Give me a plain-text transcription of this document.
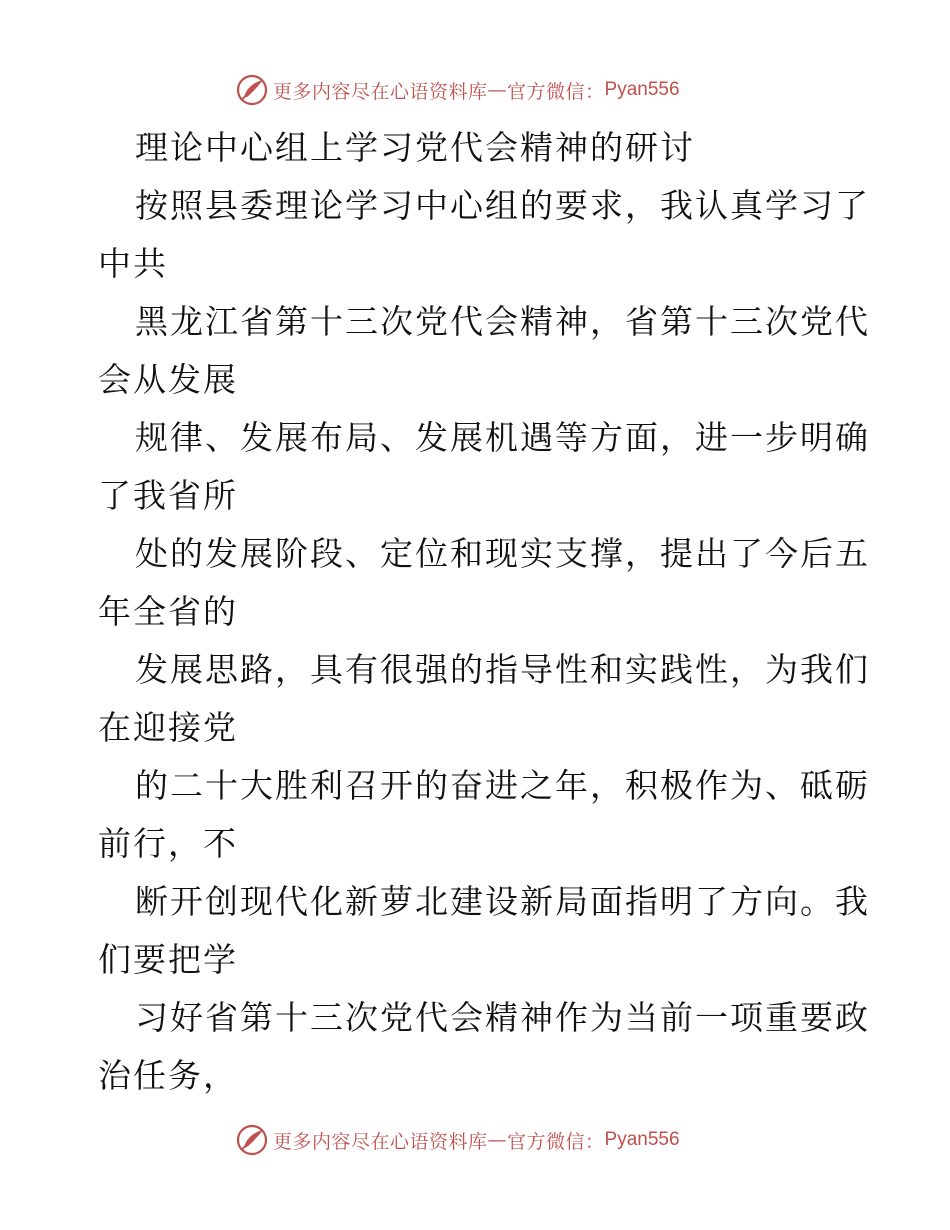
更多内容尽在心语资料库 — 官方微信： Pyan556
理论中心组上学习党代会精神的研讨
按照县委理论学习中心组的要求，我认真学习了
中共
黑龙江省第十三次党代会精神，省第十三次党代
会从发展
规律、发展布局、发展机遇等方面，进一步明确
了我省所
处的发展阶段、定位和现实支撑，提出了今后五
年全省的
发展思路，具有很强的指导性和实践性，为我们
在迎接党
的二十大胜利召开的奋进之年，积极作为、砥砺
前行，不
断开创现代化新萝北建设新局面指明了方向。我
们要把学
习好省第十三次党代会精神作为当前一项重要政
治任务，
更多内容尽在心语资料库 — 官方微信： Pyan556
